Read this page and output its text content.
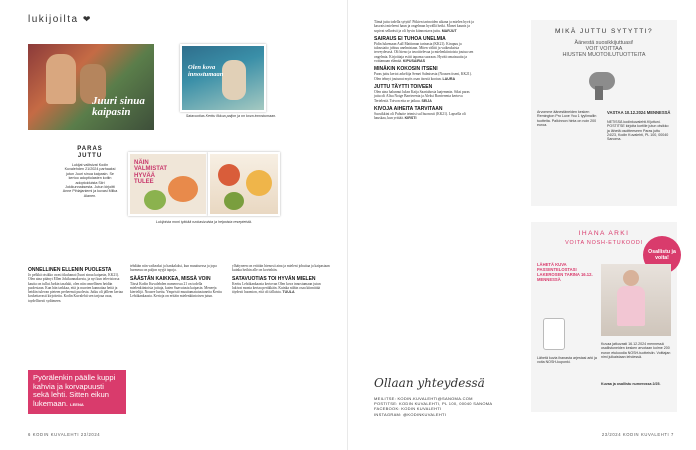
lukijoilta ❤
Juuri sinua kaipasin
Olen kova innostumaan
Satavuotias Kerttu Ilkkua paljon ja on kova innostumaan.
PARAS JUTTU
Lukijat valitsivat Kodin Kuvalehden 21/2024 parhaaksi jutun Juuri sinua kaipasin. Se kertoo adoptiolasten kotiin adoptoiduista Siiri Jokikunnaksesta. Jutun kirjoitti Anne Pihlajaniemi ja kuvasi Milka Alanen.
NÄIN VALMISTAT HYVÄÄ TULEE
Lukijoista moni tykkää ruokasivuista ja helpoista resepteistä.
ONNELLINEN ELLENIN PUOLESTA
Jo pelkkä otsikko avasi itkuhanat (Juuri sinua kaipasin, KK21). Olen aina pitänyt Ellen Jokikunnaksesta, ja nyt kun televisiossa kautta on tullut Jarkin tasalaki, olen niin onnellinen heidän puolestaan. Kun hän tarkkaa, että ja nuorten kannattaa heitä ja heidän tulevan pieteen perheensä puolesta. Jutku oli jälleen kertaa koskettavasti kirjoitettu. Kodin Kuvalehti sen tarjoaa osaa, taydellisesti sydämeen.
Pyörälenkin päälle kuppi kahvia ja korvapuusti sekä lehti. Sitten eikun lukemaan. LEENA
tehdään niin vaikeaksi ja hankalaksi, kun muuttuessa ja jopa hurmeuu on paljon nyyjä tapoja.
SÄÄSTÄN KAIKKEA, MISSÄ VOIN
Tässä Kodin Kuvalehden numerossa 21 on todella mielenkiintoisia juttuja, kuten Saavutusta kaipasin. Meneeja kiertelijä. Nousee luettu. Ympristö muuttamatutustuneita Kerttu Lehtikankaasta. Kertoja on eritäin mielenkiintoisen jutun.
ylhätyneen on erittäin hienosti aina ja mieleni johuttaa ja kaipastaan kuinka heihin alle on kovinhän.
SATAVUOTIAS TOI HYVÄN MIELEN
Kerttu Lehtikankaasta kertovan Olen kova innostumaan jutun lukivat monta kertaa peräkkäin. Kuinka niihin osaa kiinnittää täydesti huomion, että oli tällaista. TUULA
6 KODIN KUVALEHTI 23/2024
Tämä juttu todella sytytti! Pitkien tarinoiden aikana ja mielen hyvä ja kasvaisi mieleeni haun ja ongelman hyvällä hetki. Monet kaunis ja sopivat selkeästi ja oli hyvin kiinnostava juttu. MARJUT
SAIRAUS EI TUHOA UNELMIA
Pidin lukemaan Aull Mattinnan tarinasta (KK21). Kirupuu ja taloustaito johtuu unelmistaan. Miten välitti ja vaikeuksista terveydesssä. Oli hieno ja tavoittelevaa ja mielenkiintoista joutua sen ongelmia. Kirjoittaja esitti tapansa suoraan. Hyvää omaisuutta ja voittamaan elämää. KIPUSAIRAS
MINÄKIN KOKOSIN ITSENI
Paras juttu kertoi arkeltija Semei Salmisesta (Nousen itseni, KK21). Olen tehnyt joutunut myös osan itsestä kootun. LAURA
JUTTU TÄYTTI TOIVEEN
Olen aina halunnut lukea Kaija Saariahosta laajemmin. Siksi paras juttu oli Alisa Notge Barrierenta ja Aleksi Barrierenta kertova Tertelestä. Toivon etta se jatkuu. SEIJA
KIVOJA AIHEITA TARVITAAN
Suosikkini oli Puhutte teimisi sul huonosti (KK21). Lapsella oli hauskaa, kun yrittää. KIRSTI
Ollaan yhteydessä
MEILITSE: KODIN.KUVALEHTI@SANOMA.COM
POSTITSE: KODIN KUVALEHTI, PL 100, 00040 SANOMA
FACEBOOK: KODIN KUVALEHTI
INSTAGRAM: @KODINKUVALEHTI
MIKÄ JUTTU SYTYTTI?
Äänestä suosikkijuttuasi!
VOIT VOITTAA
HIUSTEN MUOTOILUTUOTTEITA
Arvomme äänestäneiden kesken Remington Pro Luxe You 1 tyylimallin tuotteita. Palkinnon hinta on noin 200 euroa.
VASTAA 10.12.2024 MENNESSÄ
NETISSÄ kodinkuvalehti.fi/juttuni. POSTITSE kirjoita kortille jutun otsikko ja lähetä osoitteeseen Paras juttu 24/23, Kodin Kuvalehti, PL 100, 00040 Sanoma.
IHANA ARKI
VOITA NOSH-ETUKOODI
Osallistu ja voita!
LÄHETÄ KUVA PASSIINTELOSTASI LAKEROSEN TARINA 16.12. MENNESSÄ
Lähetä kuvia ihanasta arjestasi arki ja voita NOSH-kuponki.
Kuvaa jatkuvasti 16.12.2024 mennessä osallistuneiden kesken arvotaan kolme 200 euron etukoodia NOSH-tuotteisiin. Voittajan nimi julkaistaan lehdessä.
Kuvaa ja osallistu numerossa 2/25.
23/2024 KODIN KUVALEHTI 7
